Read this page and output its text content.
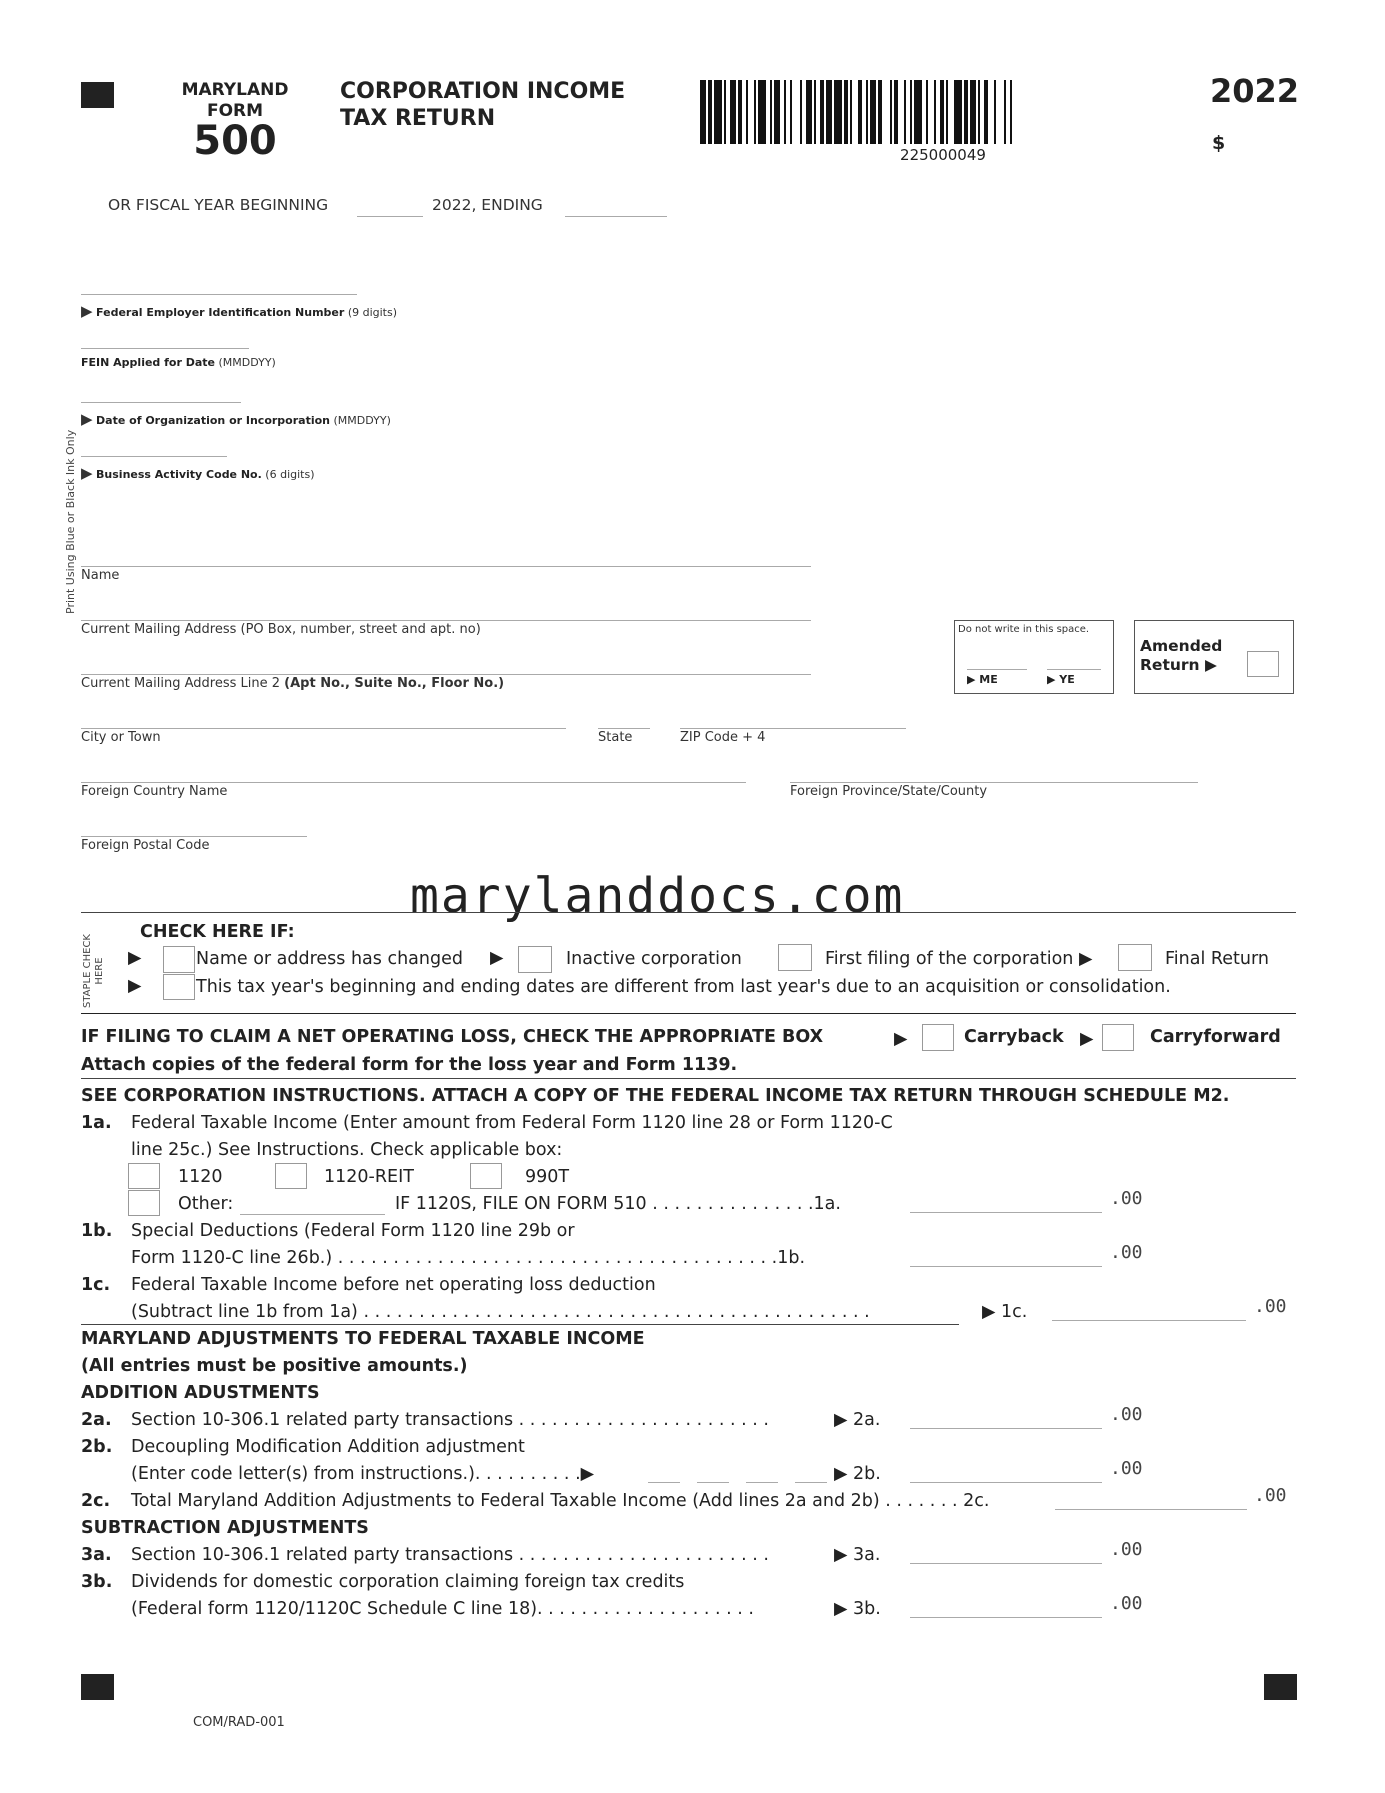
MARYLAND
FORM
500
CORPORATION INCOME
TAX RETURN
225000049
2022
$
OR FISCAL YEAR BEGINNING	2022, ENDING
▶ Federal Employer Identification Number (9 digits)
FEIN Applied for Date (MMDDYY)
▶ Date of Organization or Incorporation (MMDDYY)
▶ Business Activity Code No. (6 digits)
Print Using Blue or Black Ink Only Name
Current Mailing Address (PO Box, number, street and apt. no)
Current Mailing Address Line 2 (Apt No., Suite No., Floor No.)
City or Town	State	ZIP Code + 4
Foreign Country Name	Foreign Province/State/County
Foreign Postal Code
Do not write in this space.
▶ ME	▶ YE
Amended
Return ▶
marylanddocs.com
STAPLE CHECK HERE
CHECK HERE IF:
▶	Name or address has changed ▶	Inactive corporation	First filing of the corporation ▶	Final Return
▶	This tax year's beginning and ending dates are different from last year's due to an acquisition or consolidation.
IF FILING TO CLAIM A NET OPERATING LOSS, CHECK THE APPROPRIATE BOX	▶	Carryback ▶	Carryforward
Attach copies of the federal form for the loss year and Form 1139.
SEE CORPORATION INSTRUCTIONS. ATTACH A COPY OF THE FEDERAL INCOME TAX RETURN THROUGH SCHEDULE M2.
1a. Federal Taxable Income (Enter amount from Federal Form 1120 line 28 or Form 1120-C
line 25c.) See Instructions. Check applicable box:
1120	1120-REIT	990T
Other:	IF 1120S, FILE ON FORM 510 . . . . . . . . . . . . . . .1a.	.00
1b. Special Deductions (Federal Form 1120 line 29b or
Form 1120-C line 26b.) . . . . . . . . . . . . . . . . . . . . . . . . . . . . . . . . . . . . . . . .1b.	.00
1c. Federal Taxable Income before net operating loss deduction
(Subtract line 1b from 1a) . . . . . . . . . . . . . . . . . . . . . . . . . . . . . . . . . . . . . . . . . . . . . .	▶ 1c.	.00
MARYLAND ADJUSTMENTS TO FEDERAL TAXABLE INCOME
(All entries must be positive amounts.)
ADDITION ADUSTMENTS
2a. Section 10-306.1 related party transactions . . . . . . . . . . . . . . . . . . . . . . .	▶ 2a.	.00
2b. Decoupling Modification Addition adjustment
(Enter code letter(s) from instructions.). . . . . . . . . .▶	▶ 2b.	.00
2c. Total Maryland Addition Adjustments to Federal Taxable Income (Add lines 2a and 2b) . . . . . . . 2c.	.00
SUBTRACTION ADJUSTMENTS
3a. Section 10-306.1 related party transactions . . . . . . . . . . . . . . . . . . . . . . .	▶ 3a.	.00
3b. Dividends for domestic corporation claiming foreign tax credits
(Federal form 1120/1120C Schedule C line 18). . . . . . . . . . . . . . . . . . . .	▶ 3b.	.00
COM/RAD-001
